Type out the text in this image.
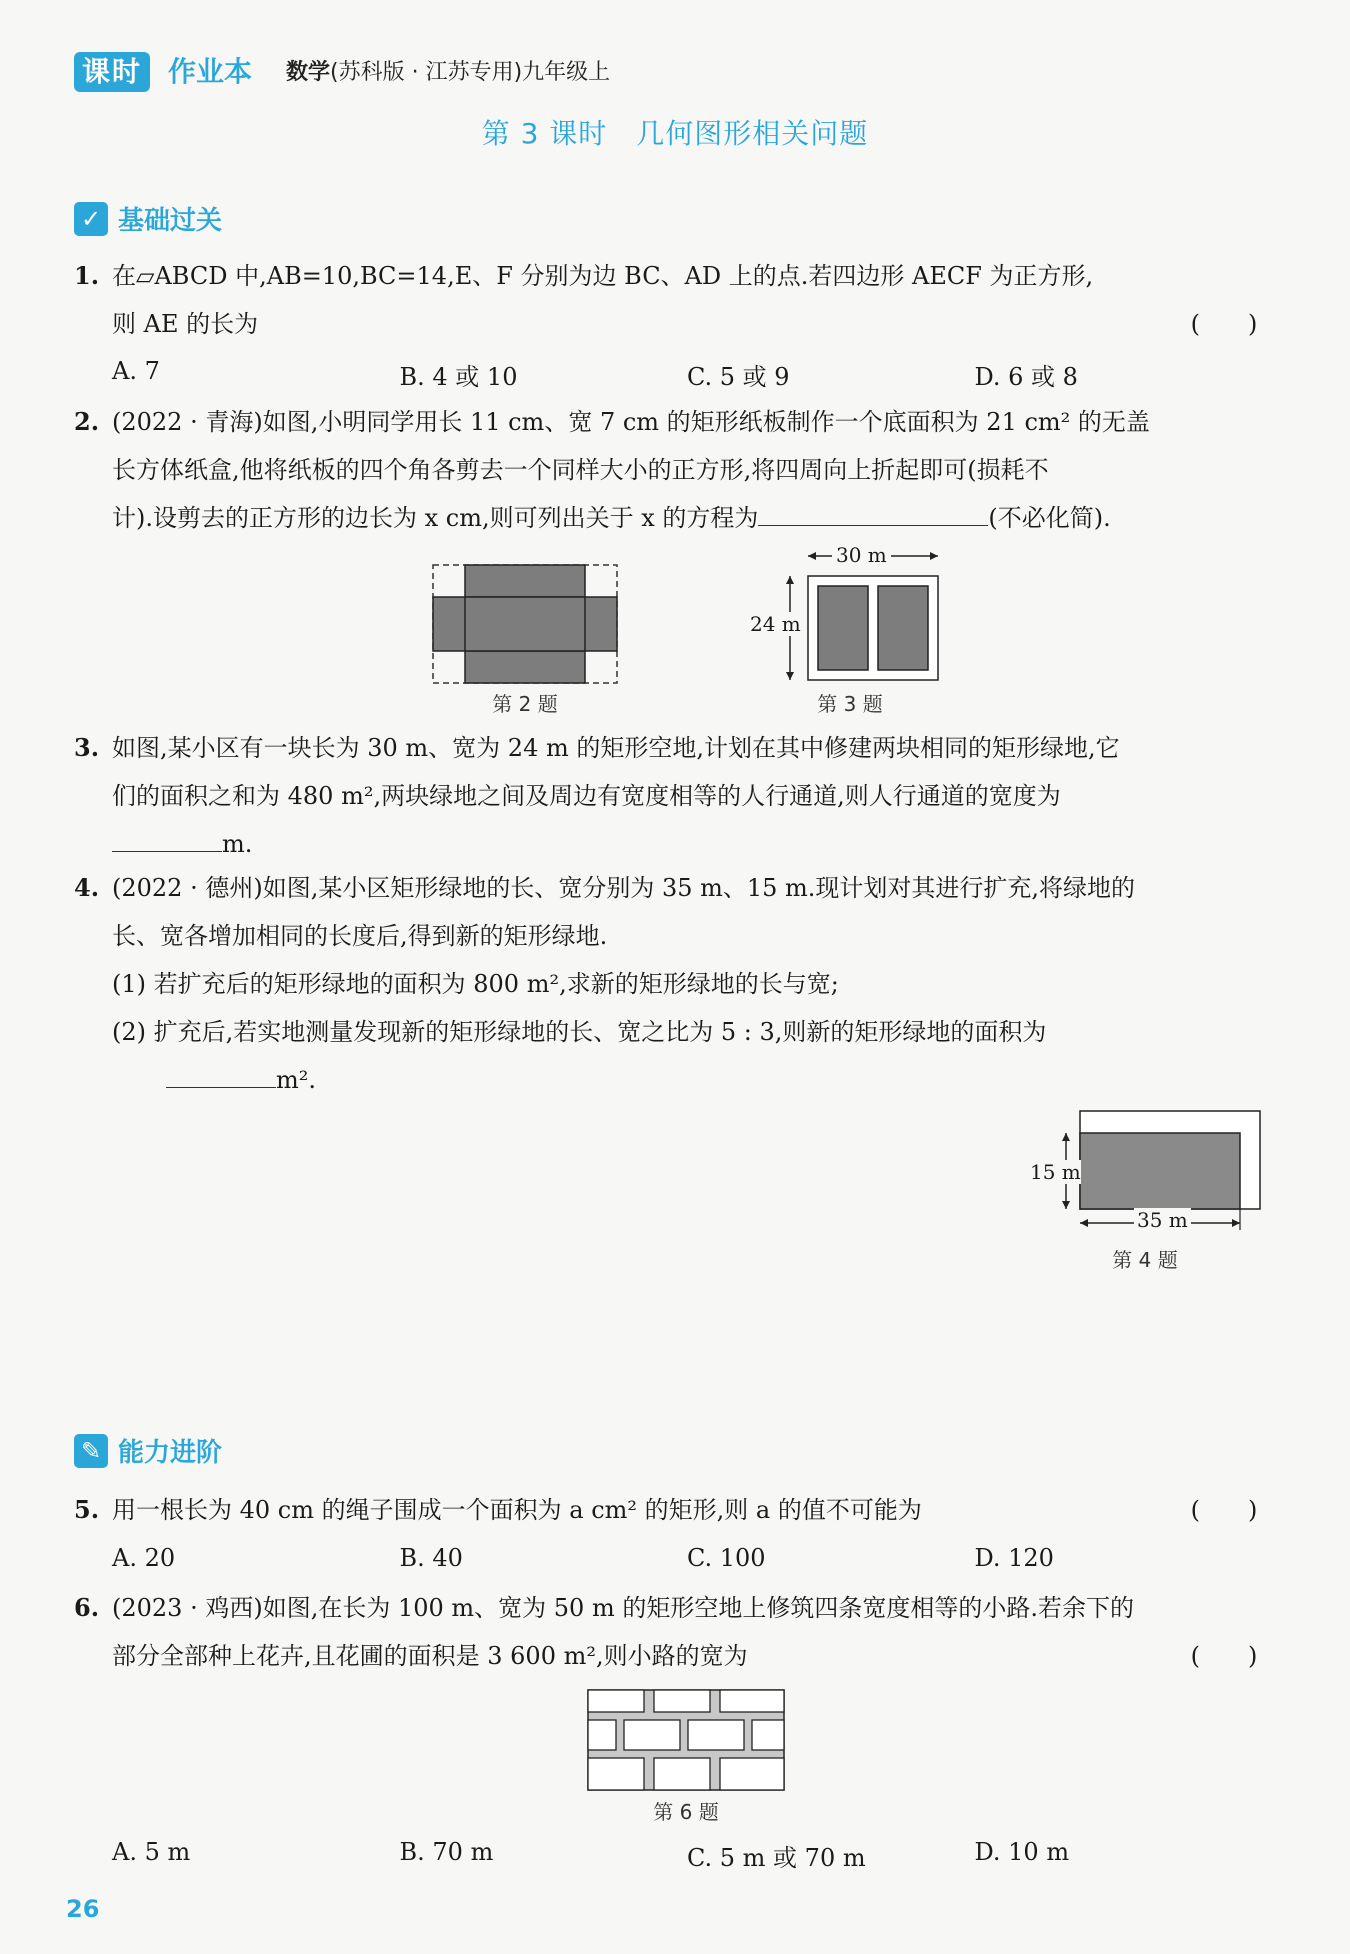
课时 作业本 数学(苏科版 · 江苏专用)九年级上
第 3 课时　几何图形相关问题
✓ 基础过关
1. 在▱ABCD 中,AB=10,BC=14,E、F 分别为边 BC、AD 上的点.若四边形 AECF 为正方形,
则 AE 的长为	(　　)
A. 7	B. 4 或 10	C. 5 或 9	D. 6 或 8
2. (2022 · 青海)如图,小明同学用长 11 cm、宽 7 cm 的矩形纸板制作一个底面积为 21 cm² 的无盖
长方体纸盒,他将纸板的四个角各剪去一个同样大小的正方形,将四周向上折起即可(损耗不
计).设剪去的正方形的边长为 x cm,则可列出关于 x 的方程为	(不必化简).
第 2 题
30 m
24 m
第 3 题
3. 如图,某小区有一块长为 30 m、宽为 24 m 的矩形空地,计划在其中修建两块相同的矩形绿地,它
们的面积之和为 480 m²,两块绿地之间及周边有宽度相等的人行通道,则人行通道的宽度为
m.
4. (2022 · 德州)如图,某小区矩形绿地的长、宽分别为 35 m、15 m.现计划对其进行扩充,将绿地的
长、宽各增加相同的长度后,得到新的矩形绿地.
(1) 若扩充后的矩形绿地的面积为 800 m²,求新的矩形绿地的长与宽;
(2) 扩充后,若实地测量发现新的矩形绿地的长、宽之比为 5 : 3,则新的矩形绿地的面积为
m².
15 m
35 m
第 4 题
✎ 能力进阶
5. 用一根长为 40 cm 的绳子围成一个面积为 a cm² 的矩形,则 a 的值不可能为	(　　)
A. 20	B. 40	C. 100	D. 120
6. (2023 · 鸡西)如图,在长为 100 m、宽为 50 m 的矩形空地上修筑四条宽度相等的小路.若余下的
部分全部种上花卉,且花圃的面积是 3 600 m²,则小路的宽为	(　　)
第 6 题
A. 5 m	B. 70 m	C. 5 m 或 70 m	D. 10 m
26
